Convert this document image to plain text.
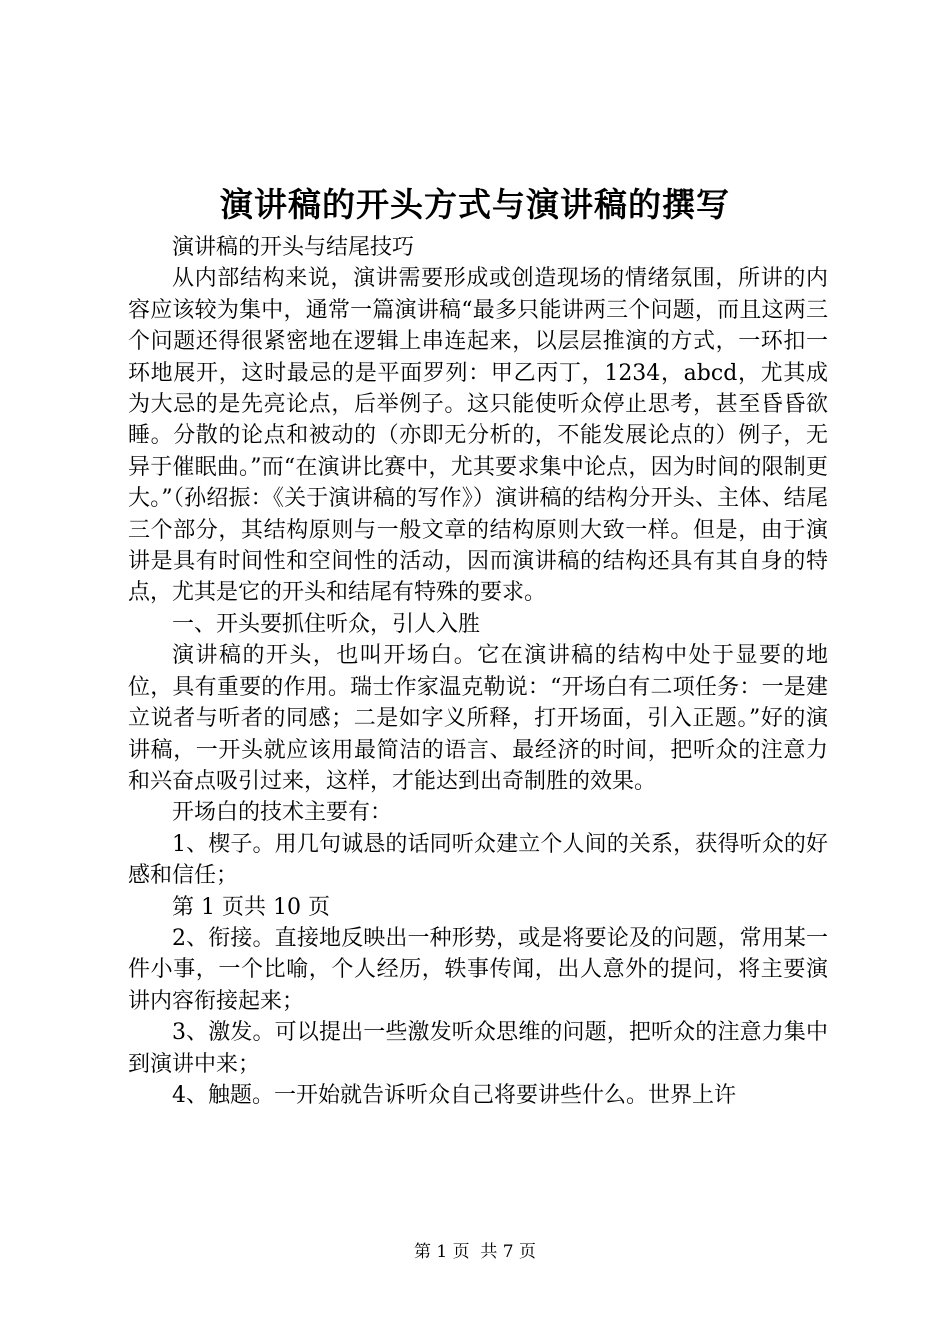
演讲稿的开头方式与演讲稿的撰写

演讲稿的开头与结尾技巧

从内部结构来说，演讲需要形成或创造现场的情绪氛围，所讲的内容应该较为集中，通常一篇演讲稿“最多只能讲两三个问题，而且这两三个问题还得很紧密地在逻辑上串连起来，以层层推演的方式，一环扣一环地展开，这时最忌的是平面罗列：甲乙丙丁，1234，abcd，尤其成为大忌的是先亮论点，后举例子。这只能使听众停止思考，甚至昏昏欲睡。分散的论点和被动的（亦即无分析的，不能发展论点的）例子，无异于催眠曲。”而“在演讲比赛中，尤其要求集中论点，因为时间的限制更大。”（孙绍振：《关于演讲稿的写作》）演讲稿的结构分开头、主体、结尾三个部分，其结构原则与一般文章的结构原则大致一样。但是，由于演讲是具有时间性和空间性的活动，因而演讲稿的结构还具有其自身的特点，尤其是它的开头和结尾有特殊的要求。

一、开头要抓住听众，引人入胜

演讲稿的开头，也叫开场白。它在演讲稿的结构中处于显要的地位，具有重要的作用。瑞士作家温克勒说：“开场白有二项任务：一是建立说者与听者的同感；二是如字义所释，打开场面，引入正题。”好的演讲稿，一开头就应该用最简洁的语言、最经济的时间，把听众的注意力和兴奋点吸引过来，这样，才能达到出奇制胜的效果。

开场白的技术主要有：

1、楔子。用几句诚恳的话同听众建立个人间的关系，获得听众的好感和信任；

第 1 页共 10 页

2、衔接。直接地反映出一种形势，或是将要论及的问题，常用某一件小事，一个比喻，个人经历，轶事传闻，出人意外的提问，将主要演讲内容衔接起来；

3、激发。可以提出一些激发听众思维的问题，把听众的注意力集中到演讲中来；

4、触题。一开始就告诉听众自己将要讲些什么。世界上许

第 1 页  共 7 页
